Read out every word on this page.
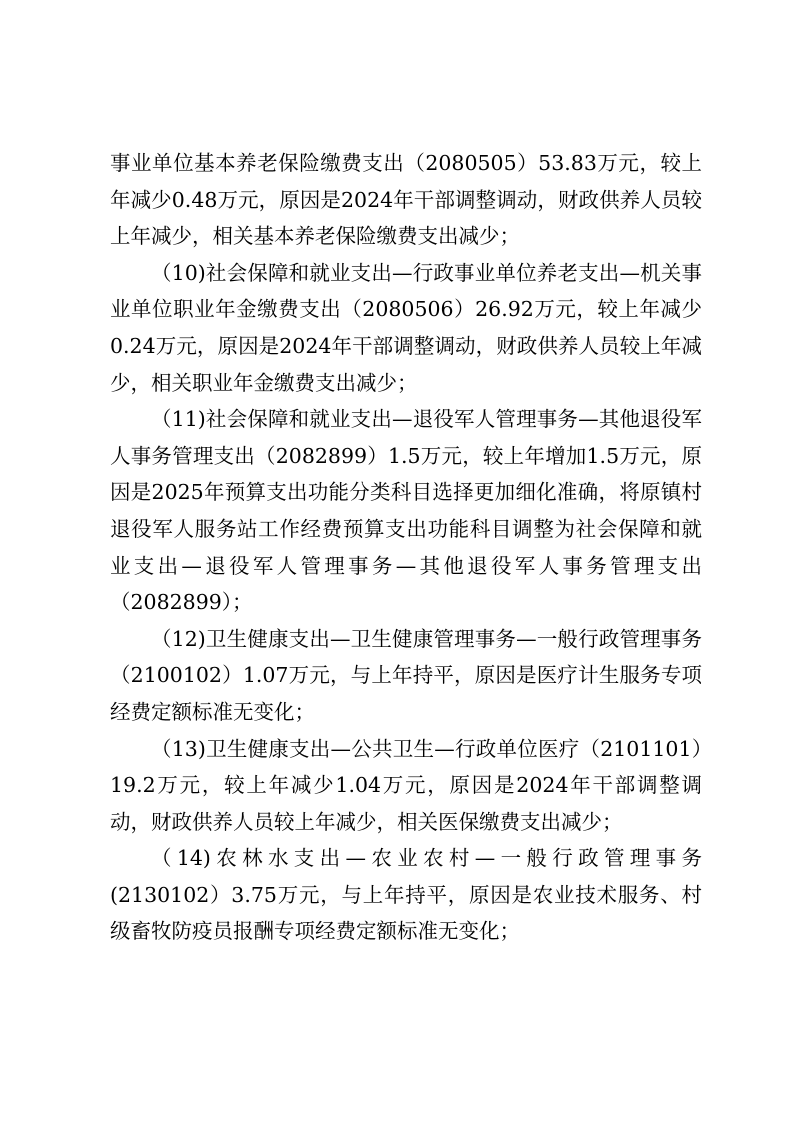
事业单位基本养老保险缴费支出（2080505）53.83万元，较上年减少0.48万元，原因是2024年干部调整调动，财政供养人员较上年减少，相关基本养老保险缴费支出减少；

（10)社会保障和就业支出—行政事业单位养老支出—机关事业单位职业年金缴费支出（2080506）26.92万元，较上年减少0.24万元，原因是2024年干部调整调动，财政供养人员较上年减少，相关职业年金缴费支出减少；

（11)社会保障和就业支出—退役军人管理事务—其他退役军人事务管理支出（2082899）1.5万元，较上年增加1.5万元，原因是2025年预算支出功能分类科目选择更加细化准确，将原镇村退役军人服务站工作经费预算支出功能科目调整为社会保障和就业支出—退役军人管理事务—其他退役军人事务管理支出（2082899）；

（12)卫生健康支出—卫生健康管理事务—一般行政管理事务（2100102）1.07万元，与上年持平，原因是医疗计生服务专项经费定额标准无变化；

（13)卫生健康支出—公共卫生—行政单位医疗（2101101）19.2万元，较上年减少1.04万元，原因是2024年干部调整调动，财政供养人员较上年减少，相关医保缴费支出减少；

（14)农林水支出—农业农村—一般行政管理事务(2130102）3.75万元，与上年持平，原因是农业技术服务、村级畜牧防疫员报酬专项经费定额标准无变化；
